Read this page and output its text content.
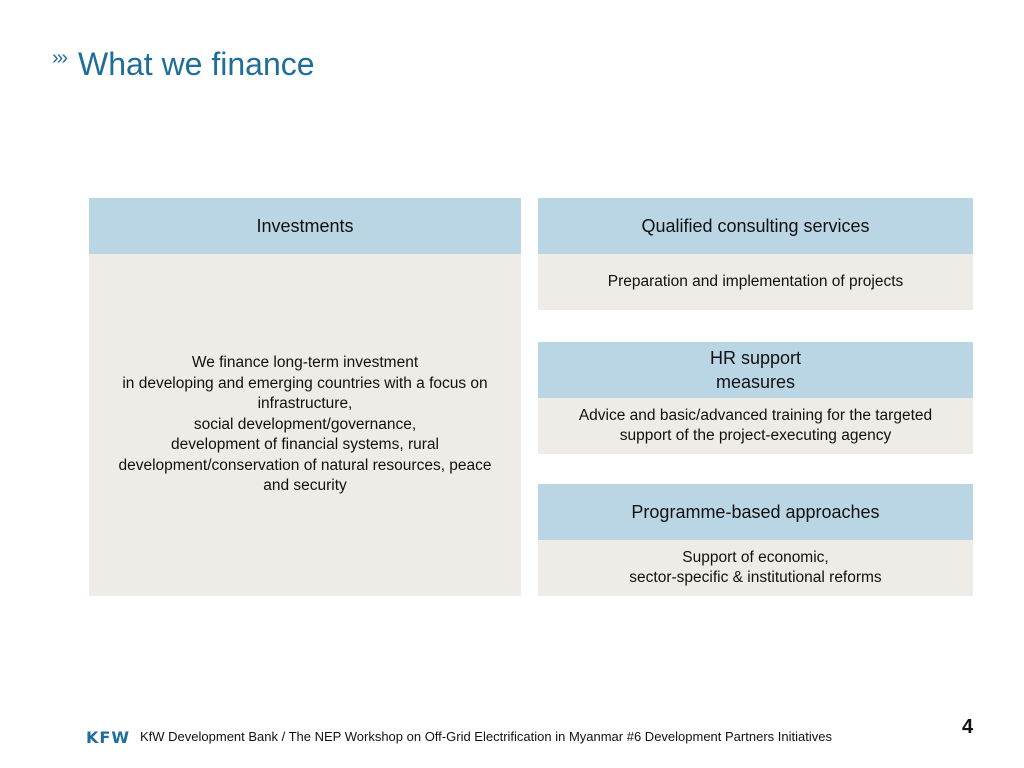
››› What we finance
Investments
We finance long-term investment
in developing and emerging countries with a focus on
infrastructure,
social development/governance,
development of financial systems, rural
development/conservation of natural resources, peace
and security
Qualified consulting services
Preparation and implementation of projects
HR support
measures
Advice and basic/advanced training for the targeted
support of the project-executing agency
Programme-based approaches
Support of economic,
sector-specific & institutional reforms
KFW KfW Development Bank / The NEP Workshop on Off-Grid Electrification in Myanmar #6 Development Partners Initiatives	4
